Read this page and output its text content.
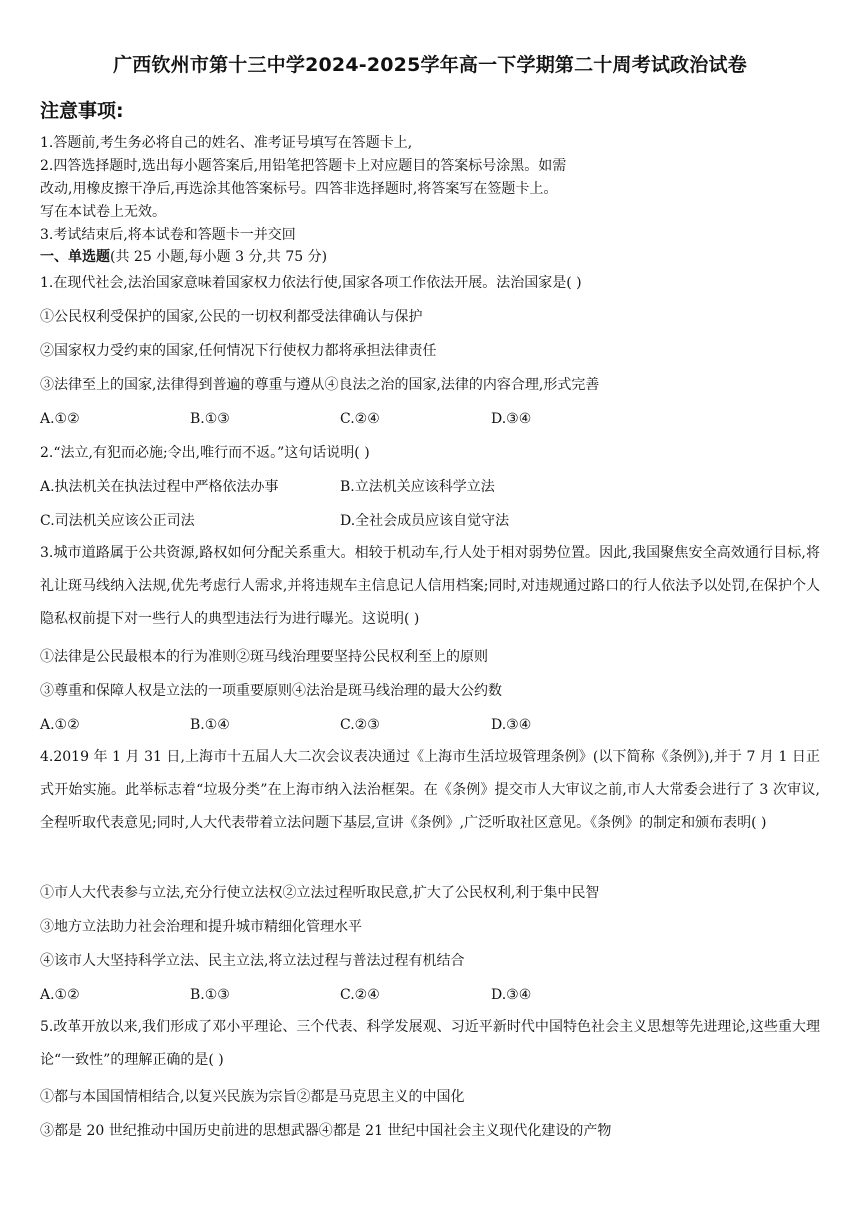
广西钦州市第十三中学2024-2025学年高一下学期第二十周考试政治试卷
注意事项:
1.答题前,考生务必将自己的姓名、准考证号填写在答题卡上,
2.四答选择题时,选出每小题答案后,用铅笔把答题卡上对应题目的答案标号涂黑。如需
改动,用橡皮擦干净后,再选涂其他答案标号。四答非选择题时,将答案写在签题卡上。
写在本试卷上无效。
3.考试结束后,将本试卷和答题卡一并交回
一、单选题(共 25 小题,每小题 3 分,共 75 分)
1.在现代社会,法治国家意味着国家权力依法行使,国家各项工作依法开展。法治国家是( )
①公民权利受保护的国家,公民的一切权利都受法律确认与保护
②国家权力受约束的国家,任何情况下行使权力都将承担法律责任
③法律至上的国家,法律得到普遍的尊重与遵从④良法之治的国家,法律的内容合理,形式完善
A.①②	B.①③	C.②④	D.③④
2.“法立,有犯而必施;令出,唯行而不返。”这句话说明( )
A.执法机关在执法过程中严格依法办事	B.立法机关应该科学立法
C.司法机关应该公正司法	D.全社会成员应该自觉守法
3.城市道路属于公共资源,路权如何分配关系重大。相较于机动车,行人处于相对弱势位置。因此,我国聚焦安全高效通行目标,将礼让斑马线纳入法规,优先考虑行人需求,并将违规车主信息记人信用档案;同时,对违规通过路口的行人依法予以处罚,在保护个人隐私权前提下对一些行人的典型违法行为进行曝光。这说明( )
①法律是公民最根本的行为准则②斑马线治理要坚持公民权利至上的原则
③尊重和保障人权是立法的一项重要原则④法治是斑马线治理的最大公约数
A.①②	B.①④	C.②③	D.③④
4.2019 年 1 月 31 日,上海市十五届人大二次会议表决通过《上海市生活垃圾管理条例》(以下简称《条例》),并于 7 月 1 日正式开始实施。此举标志着“垃圾分类”在上海市纳入法治框架。在《条例》提交市人大审议之前,市人大常委会进行了 3 次审议,全程听取代表意见;同时,人大代表带着立法问题下基层,宣讲《条例》,广泛听取社区意见。《条例》的制定和颁布表明( )
①市人大代表参与立法,充分行使立法权②立法过程听取民意,扩大了公民权利,利于集中民智
③地方立法助力社会治理和提升城市精细化管理水平
④该市人大坚持科学立法、民主立法,将立法过程与普法过程有机结合
A.①②	B.①③	C.②④	D.③④
5.改革开放以来,我们形成了邓小平理论、三个代表、科学发展观、习近平新时代中国特色社会主义思想等先进理论,这些重大理论“一致性”的理解正确的是( )
①都与本国国情相结合,以复兴民族为宗旨②都是马克思主义的中国化
③都是 20 世纪推动中国历史前进的思想武器④都是 21 世纪中国社会主义现代化建设的产物
